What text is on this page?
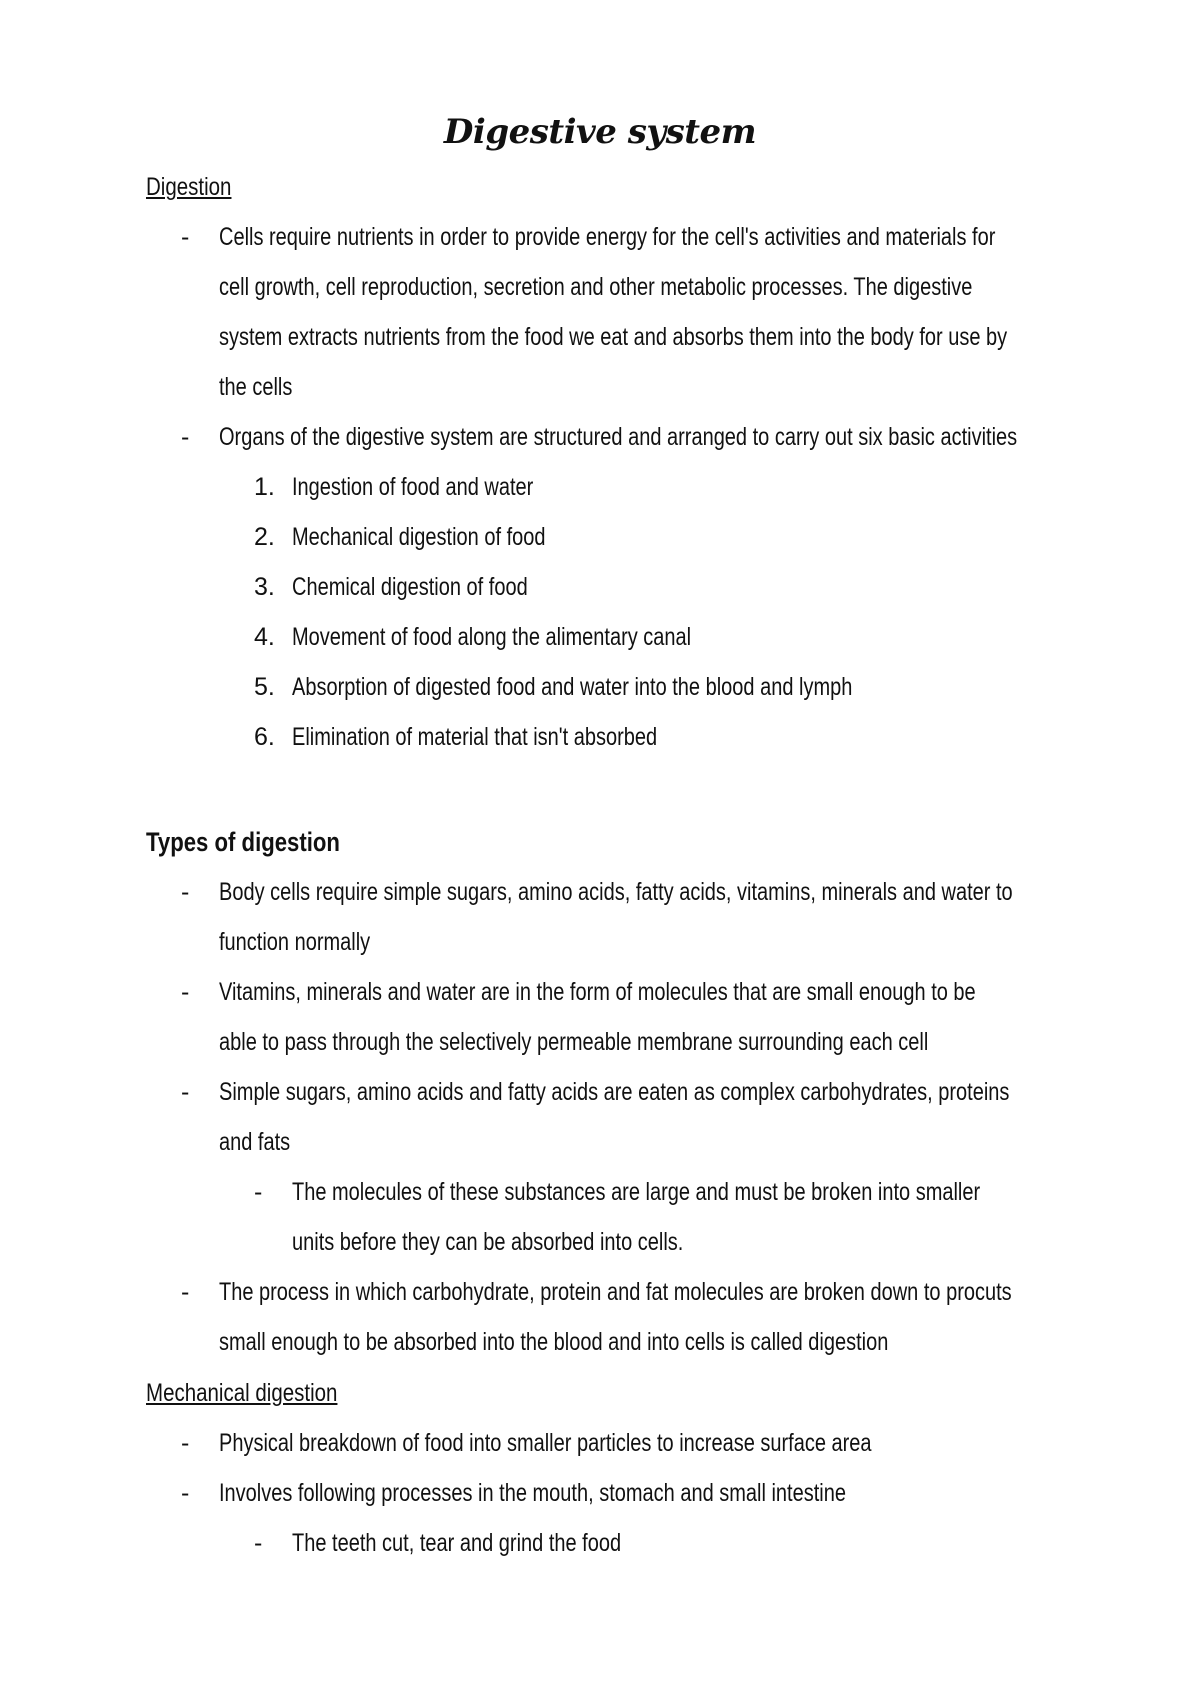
Digestive system
Digestion
-	Cells require nutrients in order to provide energy for the cell's activities and materials for cell growth, cell reproduction, secretion and other metabolic processes. The digestive system extracts nutrients from the food we eat and absorbs them into the body for use by the cells
-	Organs of the digestive system are structured and arranged to carry out six basic activities
1. Ingestion of food and water
2. Mechanical digestion of food
3. Chemical digestion of food
4. Movement of food along the alimentary canal
5. Absorption of digested food and water into the blood and lymph
6. Elimination of material that isn't absorbed
Types of digestion
-	Body cells require simple sugars, amino acids, fatty acids, vitamins, minerals and water to function normally
-	Vitamins, minerals and water are in the form of molecules that are small enough to be able to pass through the selectively permeable membrane surrounding each cell
-	Simple sugars, amino acids and fatty acids are eaten as complex carbohydrates, proteins and fats
-	The molecules of these substances are large and must be broken into smaller units before they can be absorbed into cells.
-	The process in which carbohydrate, protein and fat molecules are broken down to procuts small enough to be absorbed into the blood and into cells is called digestion
Mechanical digestion
-	Physical breakdown of food into smaller particles to increase surface area
-	Involves following processes in the mouth, stomach and small intestine
-	The teeth cut, tear and grind the food
